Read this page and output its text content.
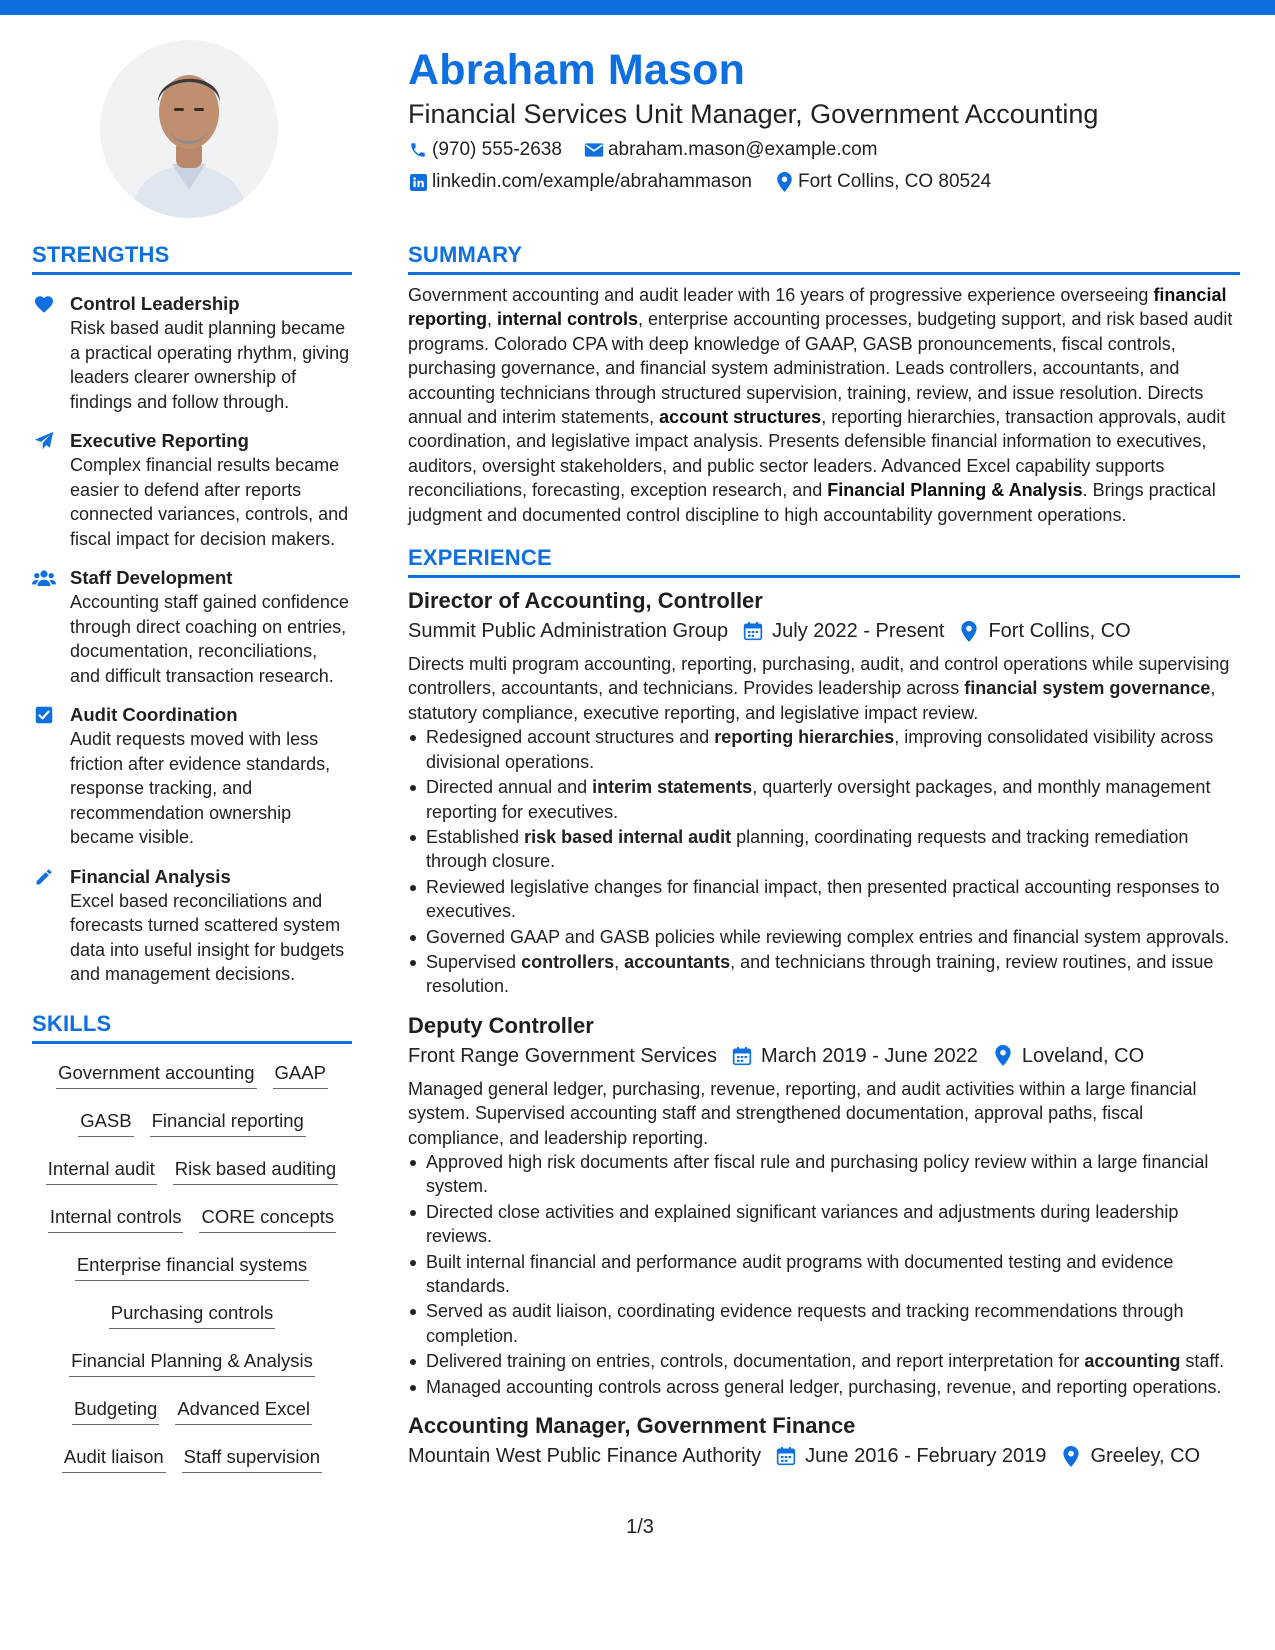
Abraham Mason
Financial Services Unit Manager, Government Accounting
(970) 555-2638 abraham.mason@example.com
linkedin.com/example/abrahammason Fort Collins, CO 80524
STRENGTHS
Control Leadership
Risk based audit planning became a practical operating rhythm, giving leaders clearer ownership of findings and follow through.
Executive Reporting
Complex financial results became easier to defend after reports connected variances, controls, and fiscal impact for decision makers.
Staff Development
Accounting staff gained confidence through direct coaching on entries, documentation, reconciliations, and difficult transaction research.
Audit Coordination
Audit requests moved with less friction after evidence standards, response tracking, and recommendation ownership became visible.
Financial Analysis
Excel based reconciliations and forecasts turned scattered system data into useful insight for budgets and management decisions.
SKILLS
Government accounting GAAP
GASB Financial reporting
Internal audit Risk based auditing
Internal controls CORE concepts
Enterprise financial systems
Purchasing controls
Financial Planning & Analysis
Budgeting Advanced Excel
Audit liaison Staff supervision
SUMMARY
Government accounting and audit leader with 16 years of progressive experience overseeing financial reporting, internal controls, enterprise accounting processes, budgeting support, and risk based audit programs. Colorado CPA with deep knowledge of GAAP, GASB pronouncements, fiscal controls, purchasing governance, and financial system administration. Leads controllers, accountants, and accounting technicians through structured supervision, training, review, and issue resolution. Directs annual and interim statements, account structures, reporting hierarchies, transaction approvals, audit coordination, and legislative impact analysis. Presents defensible financial information to executives, auditors, oversight stakeholders, and public sector leaders. Advanced Excel capability supports reconciliations, forecasting, exception research, and Financial Planning & Analysis. Brings practical judgment and documented control discipline to high accountability government operations.
EXPERIENCE
Director of Accounting, Controller
Summit Public Administration Group July 2022 - Present Fort Collins, CO
Directs multi program accounting, reporting, purchasing, audit, and control operations while supervising controllers, accountants, and technicians. Provides leadership across financial system governance, statutory compliance, executive reporting, and legislative impact review.
Redesigned account structures and reporting hierarchies, improving consolidated visibility across divisional operations.
Directed annual and interim statements, quarterly oversight packages, and monthly management reporting for executives.
Established risk based internal audit planning, coordinating requests and tracking remediation through closure.
Reviewed legislative changes for financial impact, then presented practical accounting responses to executives.
Governed GAAP and GASB policies while reviewing complex entries and financial system approvals.
Supervised controllers, accountants, and technicians through training, review routines, and issue resolution.
Deputy Controller
Front Range Government Services March 2019 - June 2022 Loveland, CO
Managed general ledger, purchasing, revenue, reporting, and audit activities within a large financial system. Supervised accounting staff and strengthened documentation, approval paths, fiscal compliance, and leadership reporting.
Approved high risk documents after fiscal rule and purchasing policy review within a large financial system.
Directed close activities and explained significant variances and adjustments during leadership reviews.
Built internal financial and performance audit programs with documented testing and evidence standards.
Served as audit liaison, coordinating evidence requests and tracking recommendations through completion.
Delivered training on entries, controls, documentation, and report interpretation for accounting staff.
Managed accounting controls across general ledger, purchasing, revenue, and reporting operations.
Accounting Manager, Government Finance
Mountain West Public Finance Authority June 2016 - February 2019 Greeley, CO
1/3
